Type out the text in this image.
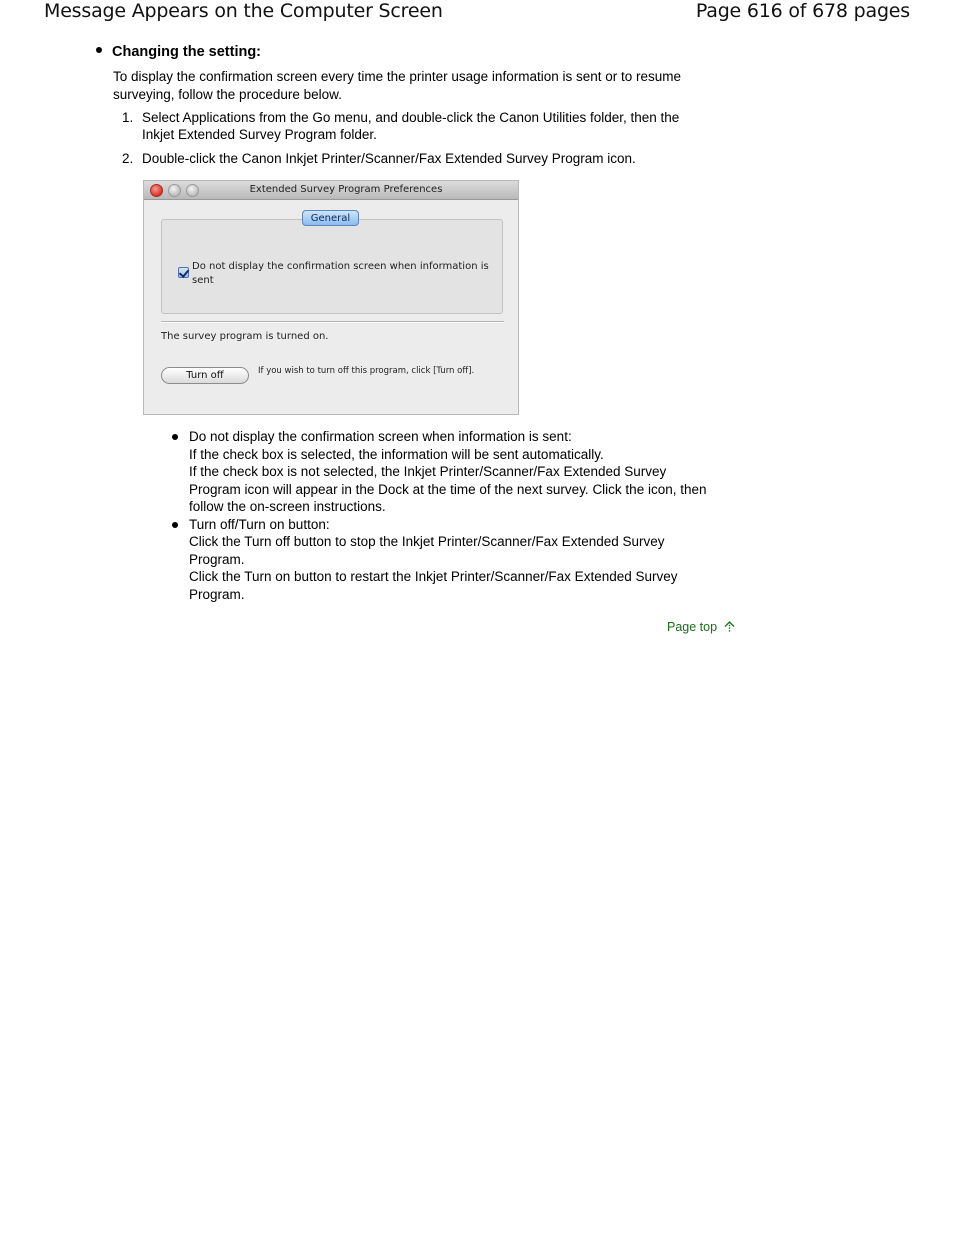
Message Appears on the Computer Screen	Page 616 of 678 pages
Changing the setting:
To display the confirmation screen every time the printer usage information is sent or to resume surveying, follow the procedure below.
1. Select Applications from the Go menu, and double-click the Canon Utilities folder, then the Inkjet Extended Survey Program folder.
2. Double-click the Canon Inkjet Printer/Scanner/Fax Extended Survey Program icon.
Extended Survey Program Preferences
General
Do not display the confirmation screen when information is sent
The survey program is turned on.
Turn off	If you wish to turn off this program, click [Turn off].
Do not display the confirmation screen when information is sent:
If the check box is selected, the information will be sent automatically.
If the check box is not selected, the Inkjet Printer/Scanner/Fax Extended Survey Program icon will appear in the Dock at the time of the next survey. Click the icon, then follow the on-screen instructions.
Turn off/Turn on button:
Click the Turn off button to stop the Inkjet Printer/Scanner/Fax Extended Survey Program.
Click the Turn on button to restart the Inkjet Printer/Scanner/Fax Extended Survey Program.
Page top
